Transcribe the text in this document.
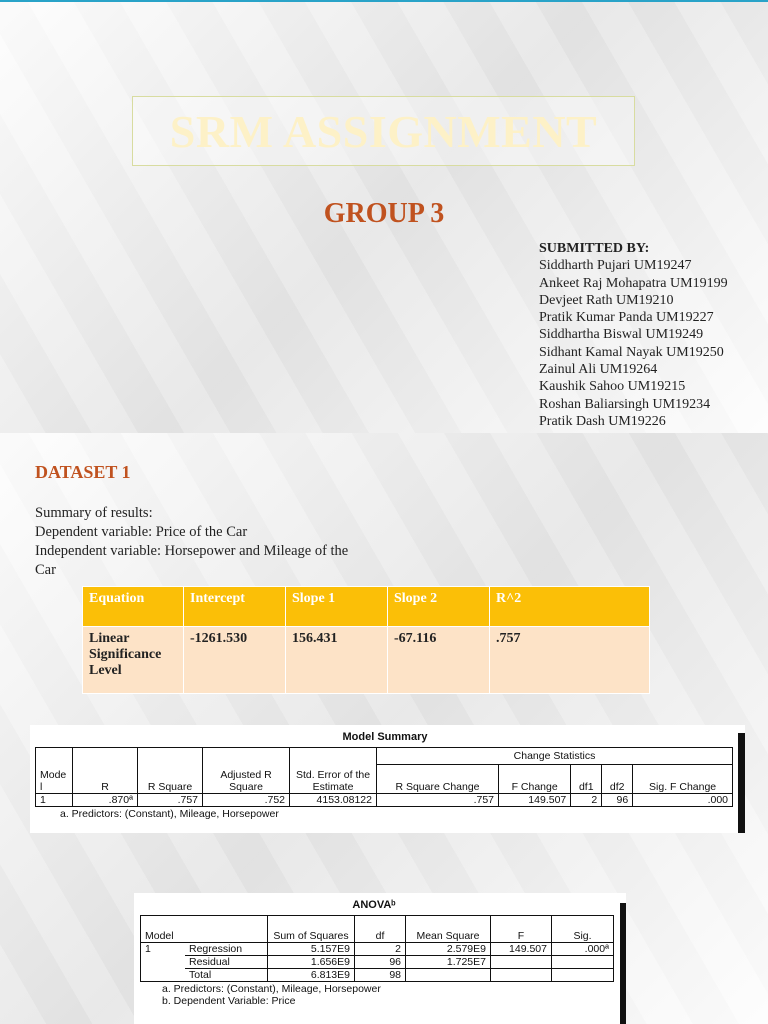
SRM ASSIGNMENT
GROUP 3
SUBMITTED BY:
Siddharth Pujari UM19247
Ankeet Raj Mohapatra UM19199
Devjeet Rath UM19210
Pratik Kumar Panda UM19227
Siddhartha Biswal UM19249
Sidhant Kamal Nayak UM19250
Zainul Ali UM19264
Kaushik Sahoo UM19215
Roshan Baliarsingh UM19234
Pratik Dash UM19226
DATASET 1
Summary of results:
Dependent variable: Price of the Car
Independent variable: Horsepower and Mileage of the
Car
Equation	Intercept	Slope 1	Slope 2	R^2
Linear Significance Level	-1261.530	156.431	-67.116	.757
Model Summary
Mode l	R	R Square	Adjusted R Square	Std. Error of the Estimate	Change Statistics				
					R Square Change	F Change	df1	df2	Sig. F Change
1	.870ª	.757	.752	4153.08122	.757	149.507	2	96	.000
a. Predictors: (Constant), Mileage, Horsepower
ANOVAᵇ
Model		Sum of Squares	df	Mean Square	F	Sig.
1	Regression	5.157E9	2	2.579E9	149.507	.000ª
	Residual	1.656E9	96	1.725E7		
	Total	6.813E9	98			
a. Predictors: (Constant), Mileage, Horsepower
b. Dependent Variable: Price
